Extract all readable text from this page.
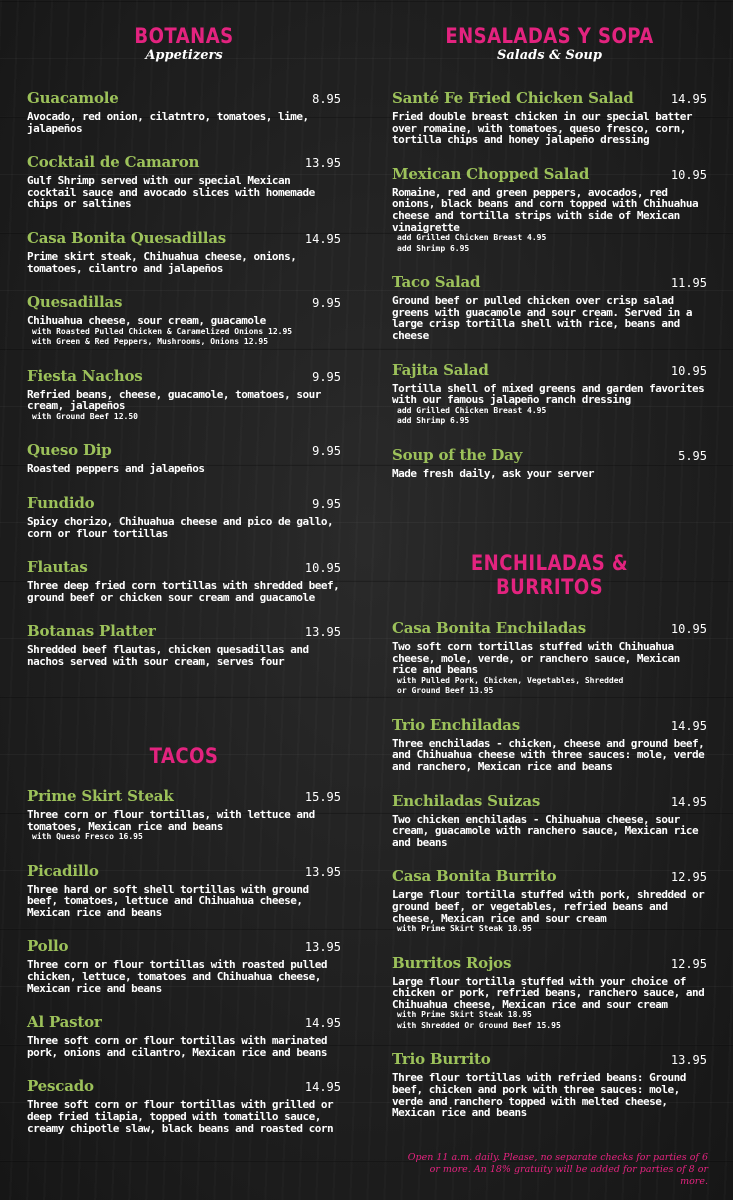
BOTANAS
Appetizers
Guacamole	8.95
Avocado, red onion, cilatntro, tomatoes, lime, jalapeños
Cocktail de Camaron	13.95
Gulf Shrimp served with our special Mexican cocktail sauce and avocado slices with homemade chips or saltines
Casa Bonita Quesadillas	14.95
Prime skirt steak, Chihuahua cheese, onions, tomatoes, cilantro and jalapeños
Quesadillas	9.95
Chihuahua cheese, sour cream, guacamole
with Roasted Pulled Chicken & Caramelized Onions 12.95
with Green & Red Peppers, Mushrooms, Onions 12.95
Fiesta Nachos	9.95
Refried beans, cheese, guacamole, tomatoes, sour cream, jalapeños
with Ground Beef 12.50
Queso Dip	9.95
Roasted peppers and jalapeños
Fundido	9.95
Spicy chorizo, Chihuahua cheese and pico de gallo, corn or flour tortillas
Flautas	10.95
Three deep fried corn tortillas with shredded beef, ground beef or chicken sour cream and guacamole
Botanas Platter	13.95
Shredded beef flautas, chicken quesadillas and nachos served with sour cream, serves four
TACOS
Prime Skirt Steak	15.95
Three corn or flour tortillas, with lettuce and tomatoes, Mexican rice and beans
with Queso Fresco 16.95
Picadillo	13.95
Three hard or soft shell tortillas with ground beef, tomatoes, lettuce and Chihuahua cheese, Mexican rice and beans
Pollo	13.95
Three corn or flour tortillas with roasted pulled chicken, lettuce, tomatoes and Chihuahua cheese, Mexican rice and beans
Al Pastor	14.95
Three soft corn or flour tortillas with marinated pork, onions and cilantro, Mexican rice and beans
Pescado	14.95
Three soft corn or flour tortillas with grilled or deep fried tilapia, topped with tomatillo sauce, creamy chipotle slaw, black beans and roasted corn
ENSALADAS Y SOPA
Salads & Soup
Santé Fe Fried Chicken Salad	14.95
Fried double breast chicken in our special batter over romaine, with tomatoes, queso fresco, corn, tortilla chips and honey jalapeño dressing
Mexican Chopped Salad	10.95
Romaine, red and green peppers, avocados, red onions, black beans and corn topped with Chihuahua cheese and tortilla strips with side of Mexican vinaigrette
add Grilled Chicken Breast 4.95
add Shrimp 6.95
Taco Salad	11.95
Ground beef or pulled chicken over crisp salad greens with guacamole and sour cream. Served in a large crisp tortilla shell with rice, beans and cheese
Fajita Salad	10.95
Tortilla shell of mixed greens and garden favorites with our famous jalapeño ranch dressing
add Grilled Chicken Breast 4.95
add Shrimp 6.95
Soup of the Day	5.95
Made fresh daily, ask your server
ENCHILADAS & BURRITOS
Casa Bonita Enchiladas	10.95
Two soft corn tortillas stuffed with Chihuahua cheese, mole, verde, or ranchero sauce, Mexican rice and beans
with Pulled Pork, Chicken, Vegetables, Shredded
or Ground Beef 13.95
Trio Enchiladas	14.95
Three enchiladas - chicken, cheese and ground beef, and Chihuahua cheese with three sauces: mole, verde and ranchero, Mexican rice and beans
Enchiladas Suizas	14.95
Two chicken enchiladas - Chihuahua cheese, sour cream, guacamole with ranchero sauce, Mexican rice and beans
Casa Bonita Burrito	12.95
Large flour tortilla stuffed with pork, shredded or ground beef, or vegetables, refried beans and cheese, Mexican rice and sour cream
with Prime Skirt Steak 18.95
Burritos Rojos	12.95
Large flour tortilla stuffed with your choice of chicken or pork, refried beans, ranchero sauce, and Chihuahua cheese, Mexican rice and sour cream
with Prime Skirt Steak 18.95
with Shredded Or Ground Beef 15.95
Trio Burrito	13.95
Three flour tortillas with refried beans: Ground beef, chicken and pork with three sauces: mole, verde and ranchero topped with melted cheese, Mexican rice and beans
Open 11 a.m. daily. Please, no separate checks for parties of 6 or more. An 18% gratuity will be added for parties of 8 or more.
